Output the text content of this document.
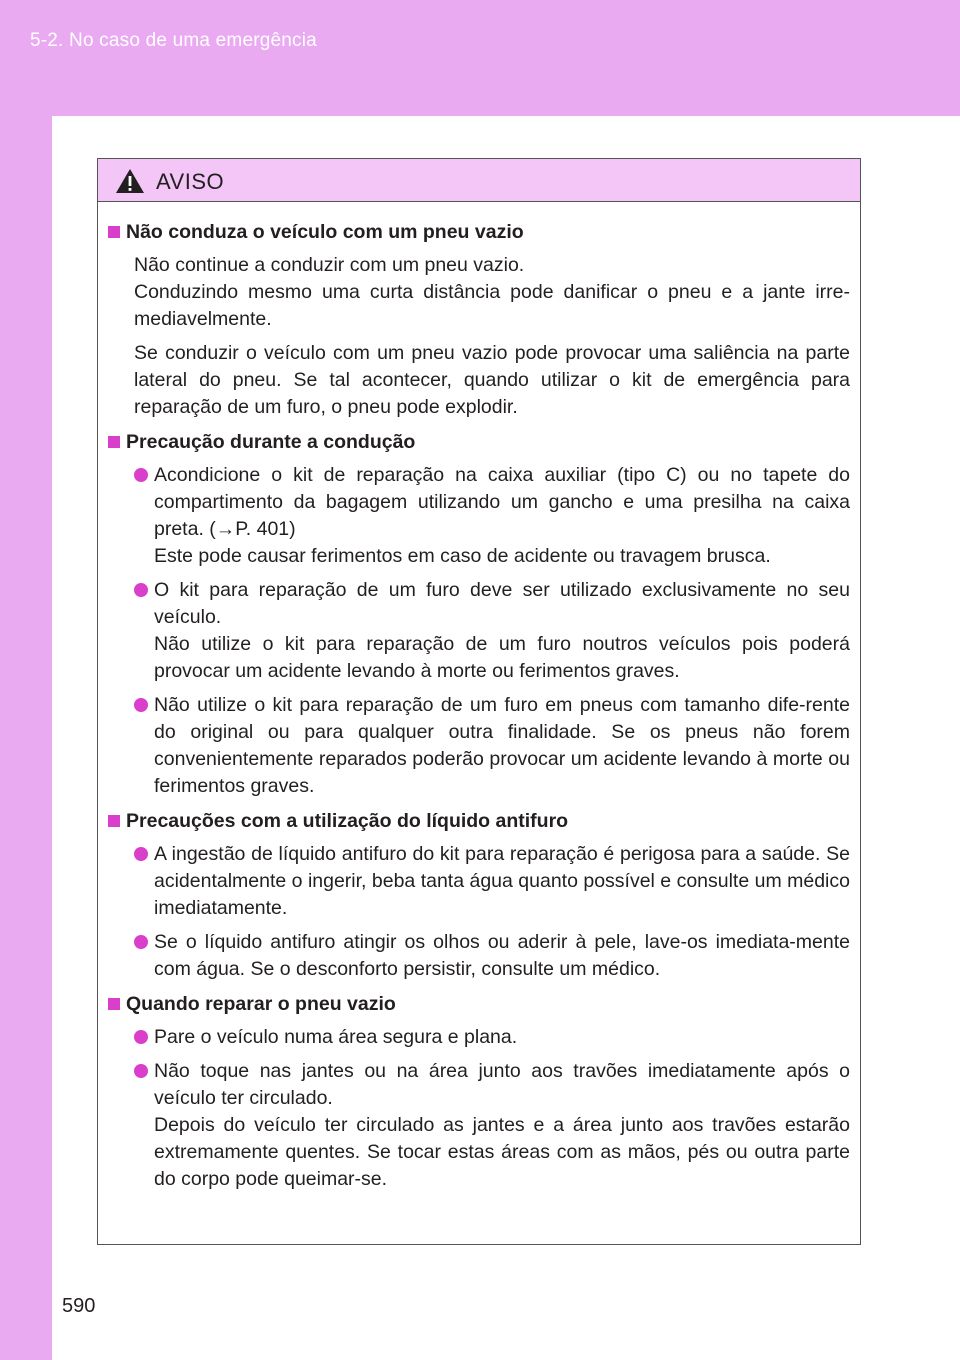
5-2. No caso de uma emergência
AVISO
Não conduza o veículo com um pneu vazio
Não continue a conduzir com um pneu vazio.
Conduzindo mesmo uma curta distância pode danificar o pneu e a jante irre-mediavelmente.
Se conduzir o veículo com um pneu vazio pode provocar uma saliência na parte lateral do pneu. Se tal acontecer, quando utilizar o kit de emergência para reparação de um furo, o pneu pode explodir.
Precaução durante a condução
Acondicione o kit de reparação na caixa auxiliar (tipo C) ou no tapete do compartimento da bagagem utilizando um gancho e uma presilha na caixa preta. (→P. 401)
Este pode causar ferimentos em caso de acidente ou travagem brusca.
O kit para reparação de um furo deve ser utilizado exclusivamente no seu veículo.
Não utilize o kit para reparação de um furo noutros veículos pois poderá provocar um acidente levando à morte ou ferimentos graves.
Não utilize o kit para reparação de um furo em pneus com tamanho dife-rente do original ou para qualquer outra finalidade. Se os pneus não forem convenientemente reparados poderão provocar um acidente levando à morte ou ferimentos graves.
Precauções com a utilização do líquido antifuro
A ingestão de líquido antifuro do kit para reparação é perigosa para a saúde. Se acidentalmente o ingerir, beba tanta água quanto possível e consulte um médico imediatamente.
Se o líquido antifuro atingir os olhos ou aderir à pele, lave-os imediata-mente com água. Se o desconforto persistir, consulte um médico.
Quando reparar o pneu vazio
Pare o veículo numa área segura e plana.
Não toque nas jantes ou na área junto aos travões imediatamente após o veículo ter circulado.
Depois do veículo ter circulado as jantes e a área junto aos travões estarão extremamente quentes. Se tocar estas áreas com as mãos, pés ou outra parte do corpo pode queimar-se.
590
